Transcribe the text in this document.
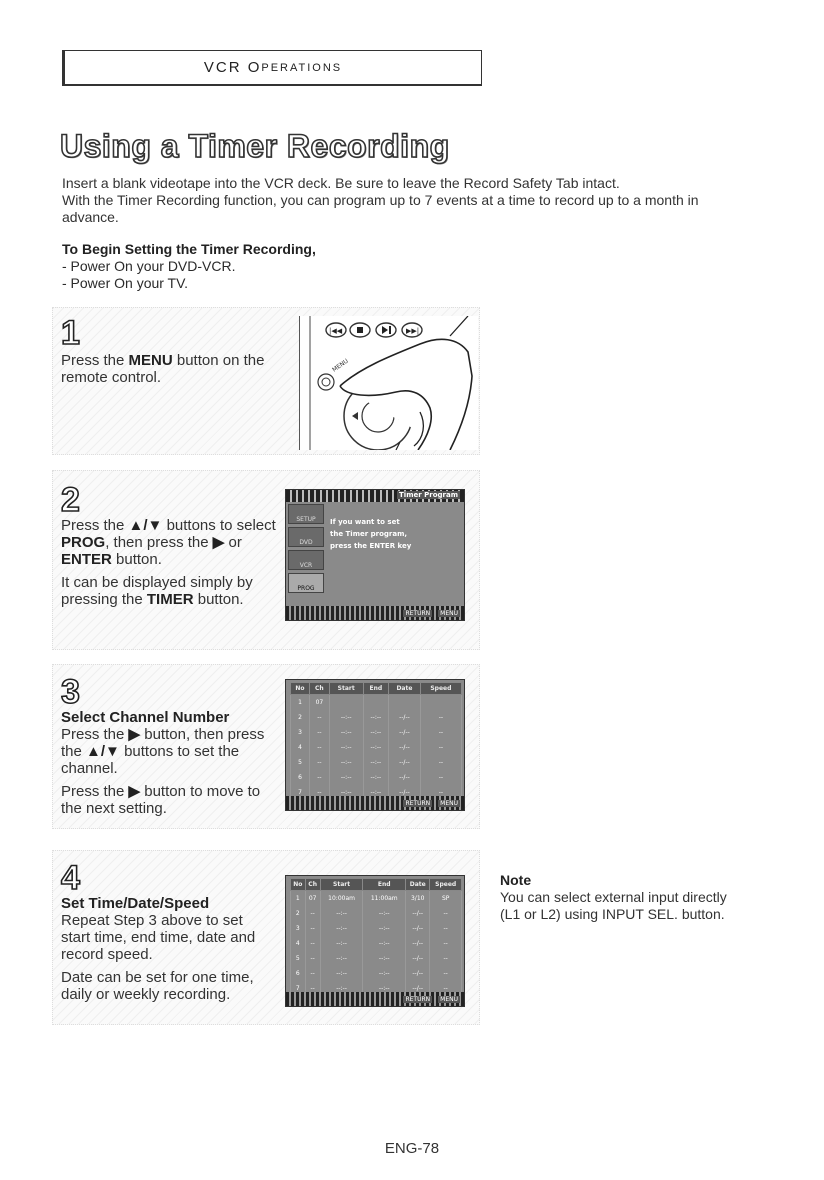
VCR
O PERATIONS
Using a Timer Recording
Insert a blank videotape into the VCR deck. Be sure to leave the Record Safety Tab intact.
With the Timer Recording function, you can program up to 7 events at a time to record up to a month in advance.
To Begin Setting the Timer Recording,
- Power On your DVD-VCR.
- Power On your TV.
1
Press the MENU button on the remote control.
|◀◀	▶▶|
MENU
2

Press the ▲/▼ buttons to select PROG, then press the ▶ or ENTER button.

It can be displayed simply by pressing the TIMER button.

Timer Program
SETUP
DVD
VCR
PROG
If you want to set
the Timer program,
press the ENTER key
RETURN	MENU
3
Select Channel Number

Press the ▶ button, then press the ▲/▼ buttons to set the channel.

Press the ▶ button to move to the next setting.

No	Ch	Start	End	Date	Speed
1	07				
2	--	--:--	--:--	--/--	--
3	--	--:--	--:--	--/--	--
4	--	--:--	--:--	--/--	--
5	--	--:--	--:--	--/--	--
6	--	--:--	--:--	--/--	--
7	--	--:--	--:--	--/--	--
RETURN	MENU
4
Set Time/Date/Speed

Repeat Step 3 above to set start time, end time, date and record speed.

Date can be set for one time, daily or weekly recording.

No	Ch	Start	End	Date	Speed
1	07	10:00am	11:00am	3/10	SP
2	--	--:--	--:--	--/--	--
3	--	--:--	--:--	--/--	--
4	--	--:--	--:--	--/--	--
5	--	--:--	--:--	--/--	--
6	--	--:--	--:--	--/--	--
7	--	--:--	--:--	--/--	--
RETURN	MENU
Note
You can select external input directly (L1 or L2) using INPUT SEL. button.
ENG-78
